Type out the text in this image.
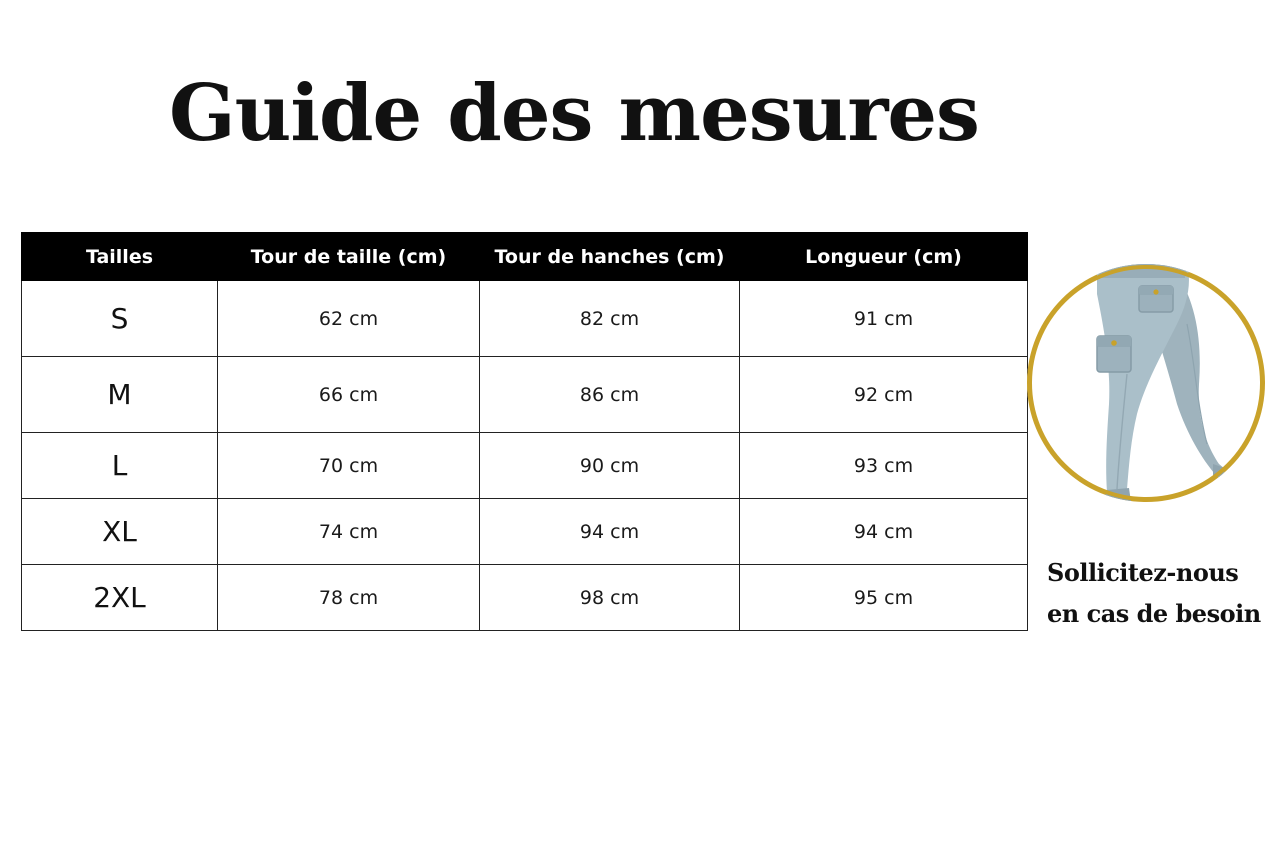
Guide des mesures
Tailles	Tour de taille (cm)	Tour de hanches (cm)	Longueur (cm)
S	62 cm	82 cm	91 cm
M	66 cm	86 cm	92 cm
L	70 cm	90 cm	93 cm
XL	74 cm	94 cm	94 cm
2XL	78 cm	98 cm	95 cm
Sollicitez-nous
en cas de besoin
